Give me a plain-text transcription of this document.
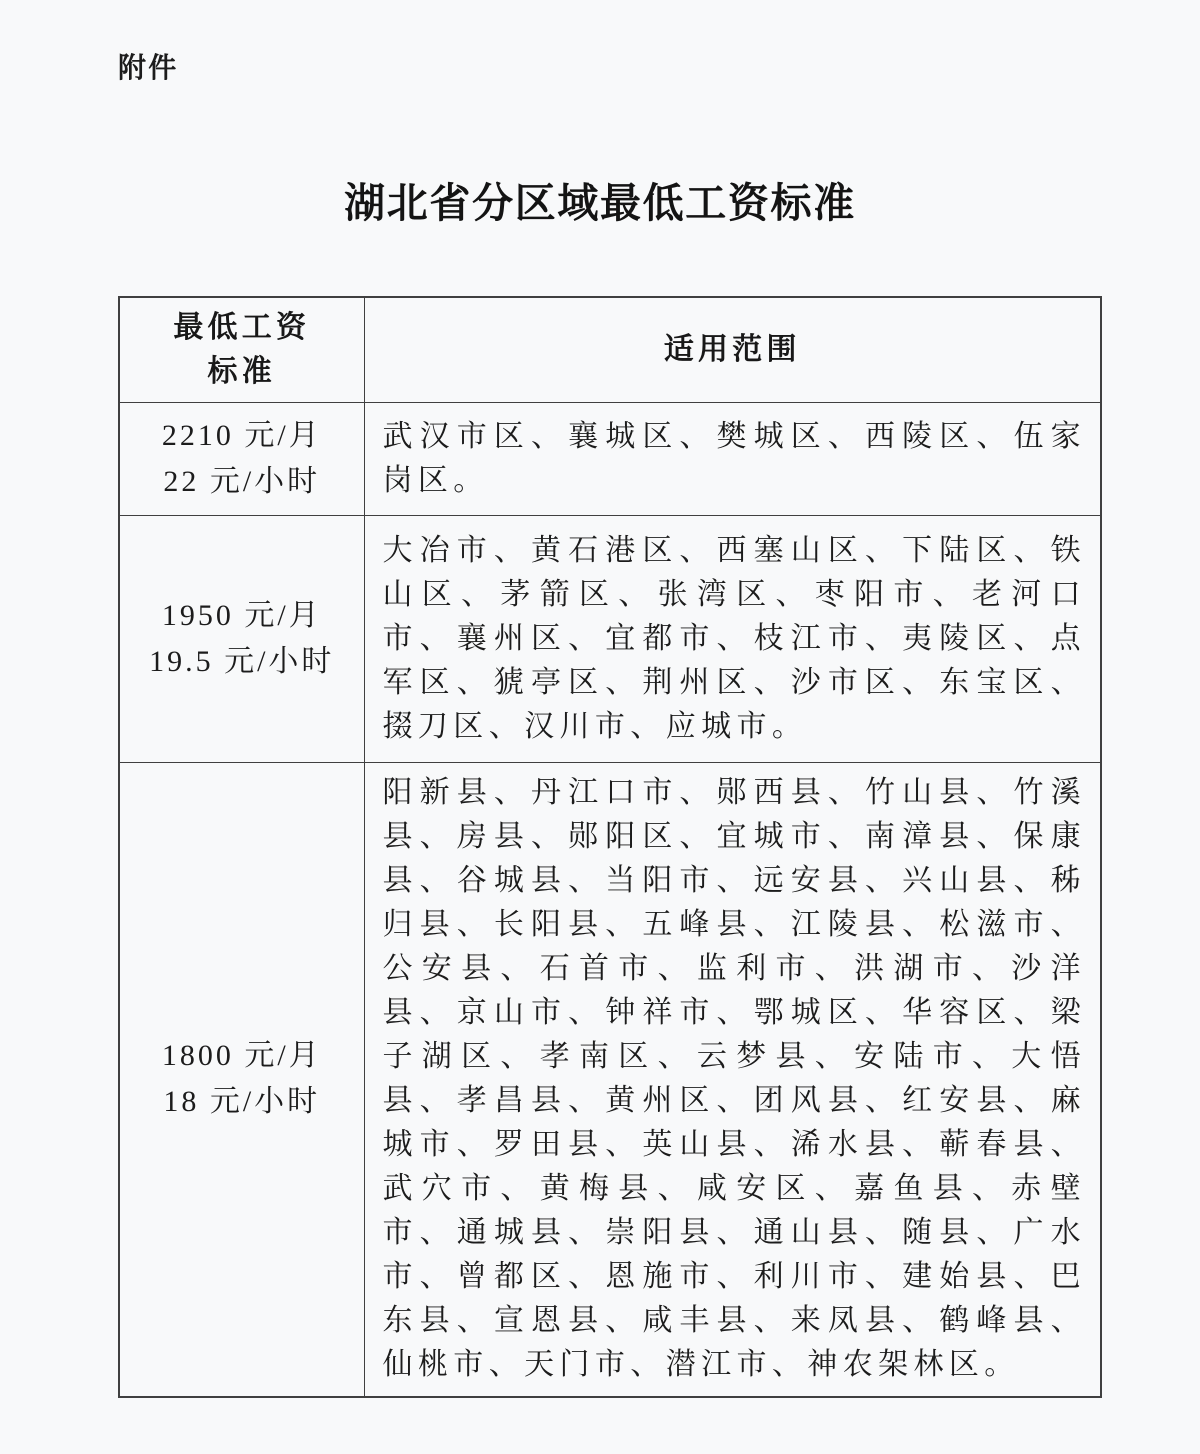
附件
湖北省分区域最低工资标准
最低工资标准	适用范围

2210 元/月
22 元/小时	武汉市区、襄城区、樊城区、西陵区、伍家岗区。

1950 元/月
19.5 元/小时	大冶市、黄石港区、西塞山区、下陆区、铁山区、茅箭区、张湾区、枣阳市、老河口市、襄州区、宜都市、枝江市、夷陵区、点军区、猇亭区、荆州区、沙市区、东宝区、掇刀区、汉川市、应城市。

1800 元/月
18 元/小时	阳新县、丹江口市、郧西县、竹山县、竹溪县、房县、郧阳区、宜城市、南漳县、保康县、谷城县、当阳市、远安县、兴山县、秭归县、长阳县、五峰县、江陵县、松滋市、公安县、石首市、监利市、洪湖市、沙洋县、京山市、钟祥市、鄂城区、华容区、梁子湖区、孝南区、云梦县、安陆市、大悟县、孝昌县、黄州区、团风县、红安县、麻城市、罗田县、英山县、浠水县、蕲春县、武穴市、黄梅县、咸安区、嘉鱼县、赤壁市、通城县、崇阳县、通山县、随县、广水市、曾都区、恩施市、利川市、建始县、巴东县、宣恩县、咸丰县、来凤县、鹤峰县、仙桃市、天门市、潜江市、神农架林区。
